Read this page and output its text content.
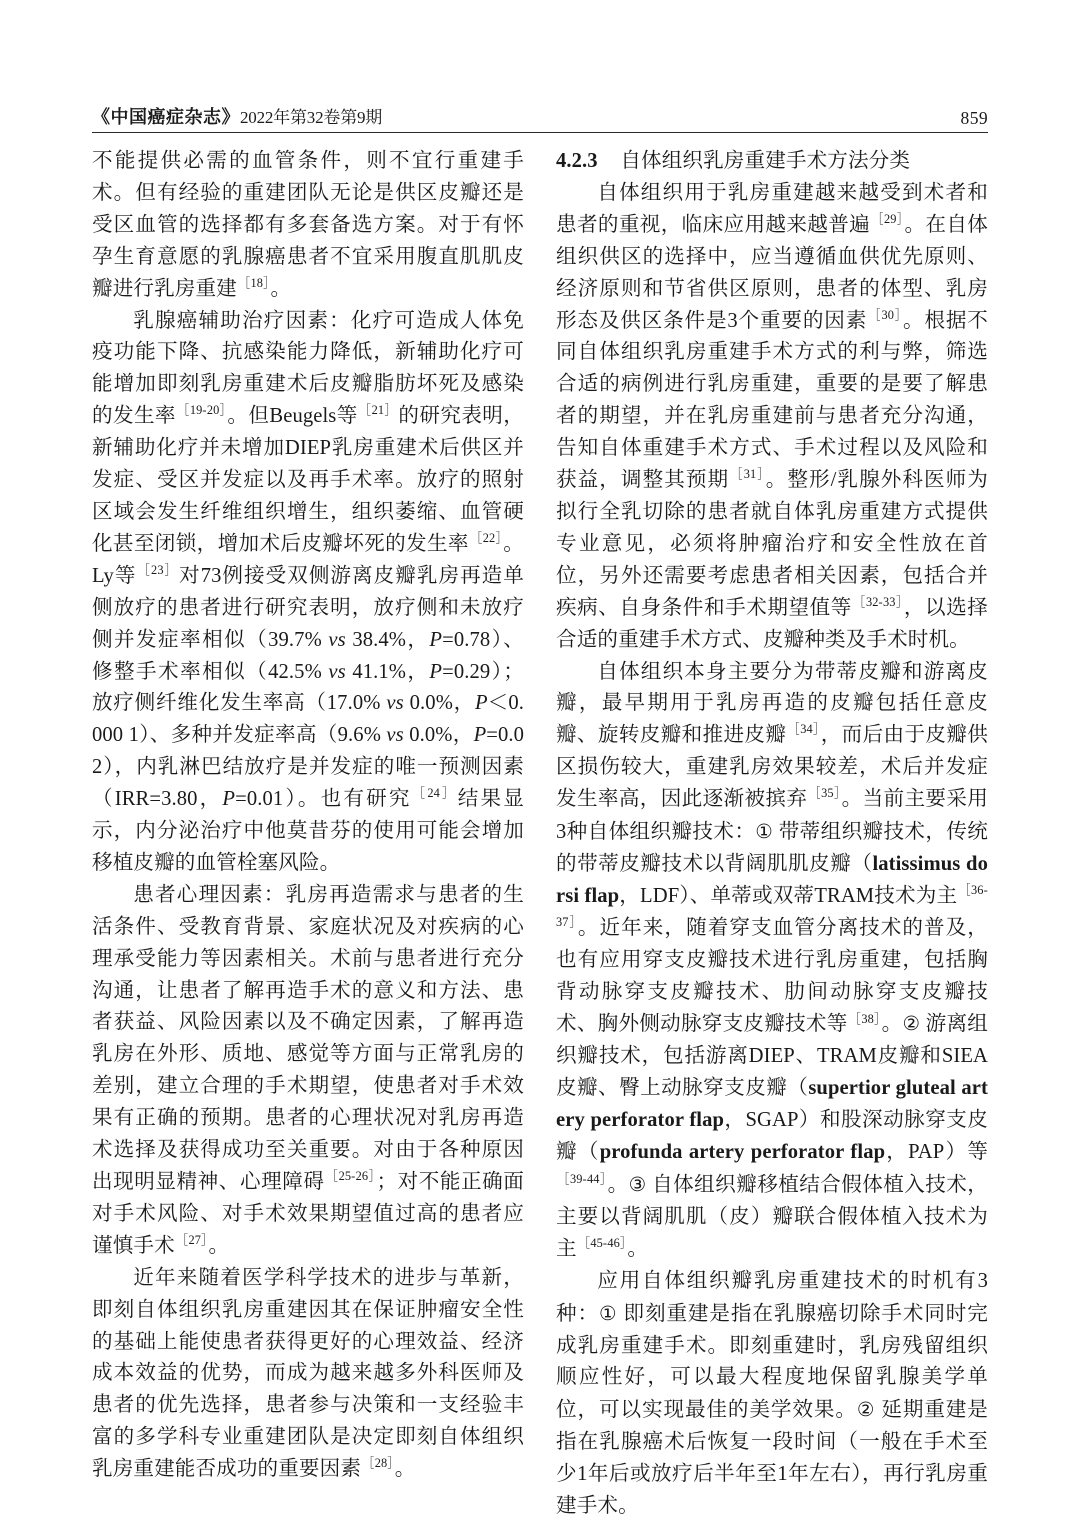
《中国癌症杂志》 2022年第32卷第9期	859

不能提供必需的血管条件，则不宜行重建手术。但有经验的重建团队无论是供区皮瓣还是受区血管的选择都有多套备选方案。对于有怀孕生育意愿的乳腺癌患者不宜采用腹直肌肌皮瓣进行乳房重建$^{[18]}$。

乳腺癌辅助治疗因素：化疗可造成人体免疫功能下降、抗感染能力降低，新辅助化疗可能增加即刻乳房重建术后皮瓣脂肪坏死及感染的发生率$^{[19-20]}$。但Beugels等$^{[21]}$的研究表明，新辅助化疗并未增加DIEP乳房重建术后供区并发症、受区并发症以及再手术率。放疗的照射区域会发生纤维组织增生，组织萎缩、血管硬化甚至闭锁，增加术后皮瓣坏死的发生率$^{[22]}$。Ly等$^{[23]}$对73例接受双侧游离皮瓣乳房再造单侧放疗的患者进行研究表明，放疗侧和未放疗侧并发症率相似（39.7% vs 38.4%，P=0.78）、修整手术率相似（42.5% vs 41.1%，P=0.29）；放疗侧纤维化发生率高（17.0% vs 0.0%，P＜0.000 1）、多种并发症率高（9.6% vs 0.0%，P=0.02），内乳淋巴结放疗是并发症的唯一预测因素（IRR=3.80，P=0.01）。也有研究$^{[24]}$结果显示，内分泌治疗中他莫昔芬的使用可能会增加移植皮瓣的血管栓塞风险。

患者心理因素：乳房再造需求与患者的生活条件、受教育背景、家庭状况及对疾病的心理承受能力等因素相关。术前与患者进行充分沟通，让患者了解再造手术的意义和方法、患者获益、风险因素以及不确定因素，了解再造乳房在外形、质地、感觉等方面与正常乳房的差别，建立合理的手术期望，使患者对手术效果有正确的预期。患者的心理状况对乳房再造术选择及获得成功至关重要。对由于各种原因出现明显精神、心理障碍$^{[25-26]}$；对不能正确面对手术风险、对手术效果期望值过高的患者应谨慎手术$^{[27]}$。

近年来随着医学科学技术的进步与革新，即刻自体组织乳房重建因其在保证肿瘤安全性的基础上能使患者获得更好的心理效益、经济成本效益的优势，而成为越来越多外科医师及患者的优先选择，患者参与决策和一支经验丰富的多学科专业重建团队是决定即刻自体组织乳房重建能否成功的重要因素$^{[28]}$。

4.2.3 自体组织乳房重建手术方法分类

自体组织用于乳房重建越来越受到术者和患者的重视，临床应用越来越普遍$^{[29]}$。在自体组织供区的选择中，应当遵循血供优先原则、经济原则和节省供区原则，患者的体型、乳房形态及供区条件是3个重要的因素$^{[30]}$。根据不同自体组织乳房重建手术方式的利与弊，筛选合适的病例进行乳房重建，重要的是要了解患者的期望，并在乳房重建前与患者充分沟通，告知自体重建手术方式、手术过程以及风险和获益，调整其预期$^{[31]}$。整形/乳腺外科医师为拟行全乳切除的患者就自体乳房重建方式提供专业意见，必须将肿瘤治疗和安全性放在首位，另外还需要考虑患者相关因素，包括合并疾病、自身条件和手术期望值等$^{[32-33]}$，以选择合适的重建手术方式、皮瓣种类及手术时机。

自体组织本身主要分为带蒂皮瓣和游离皮瓣，最早期用于乳房再造的皮瓣包括任意皮瓣、旋转皮瓣和推进皮瓣$^{[34]}$，而后由于皮瓣供区损伤较大，重建乳房效果较差，术后并发症发生率高，因此逐渐被摈弃$^{[35]}$。当前主要采用3种自体组织瓣技术：① 带蒂组织瓣技术，传统的带蒂皮瓣技术以背阔肌肌皮瓣（latissimus dorsi flap，LDF）、单蒂或双蒂TRAM技术为主$^{[36-37]}$。近年来，随着穿支血管分离技术的普及，也有应用穿支皮瓣技术进行乳房重建，包括胸背动脉穿支皮瓣技术、肋间动脉穿支皮瓣技术、胸外侧动脉穿支皮瓣技术等$^{[38]}$。② 游离组织瓣技术，包括游离DIEP、TRAM皮瓣和SIEA皮瓣、臀上动脉穿支皮瓣（supertior gluteal artery perforator flap，SGAP）和股深动脉穿支皮瓣（profunda artery perforator flap，PAP）等$^{[39-44]}$。③ 自体组织瓣移植结合假体植入技术，主要以背阔肌肌（皮）瓣联合假体植入技术为主$^{[45-46]}$。

应用自体组织瓣乳房重建技术的时机有3种：① 即刻重建是指在乳腺癌切除手术同时完成乳房重建手术。即刻重建时，乳房残留组织顺应性好，可以最大程度地保留乳腺美学单位，可以实现最佳的美学效果。② 延期重建是指在乳腺癌术后恢复一段时间（一般在手术至少1年后或放疗后半年至1年左右），再行乳房重建手术。
